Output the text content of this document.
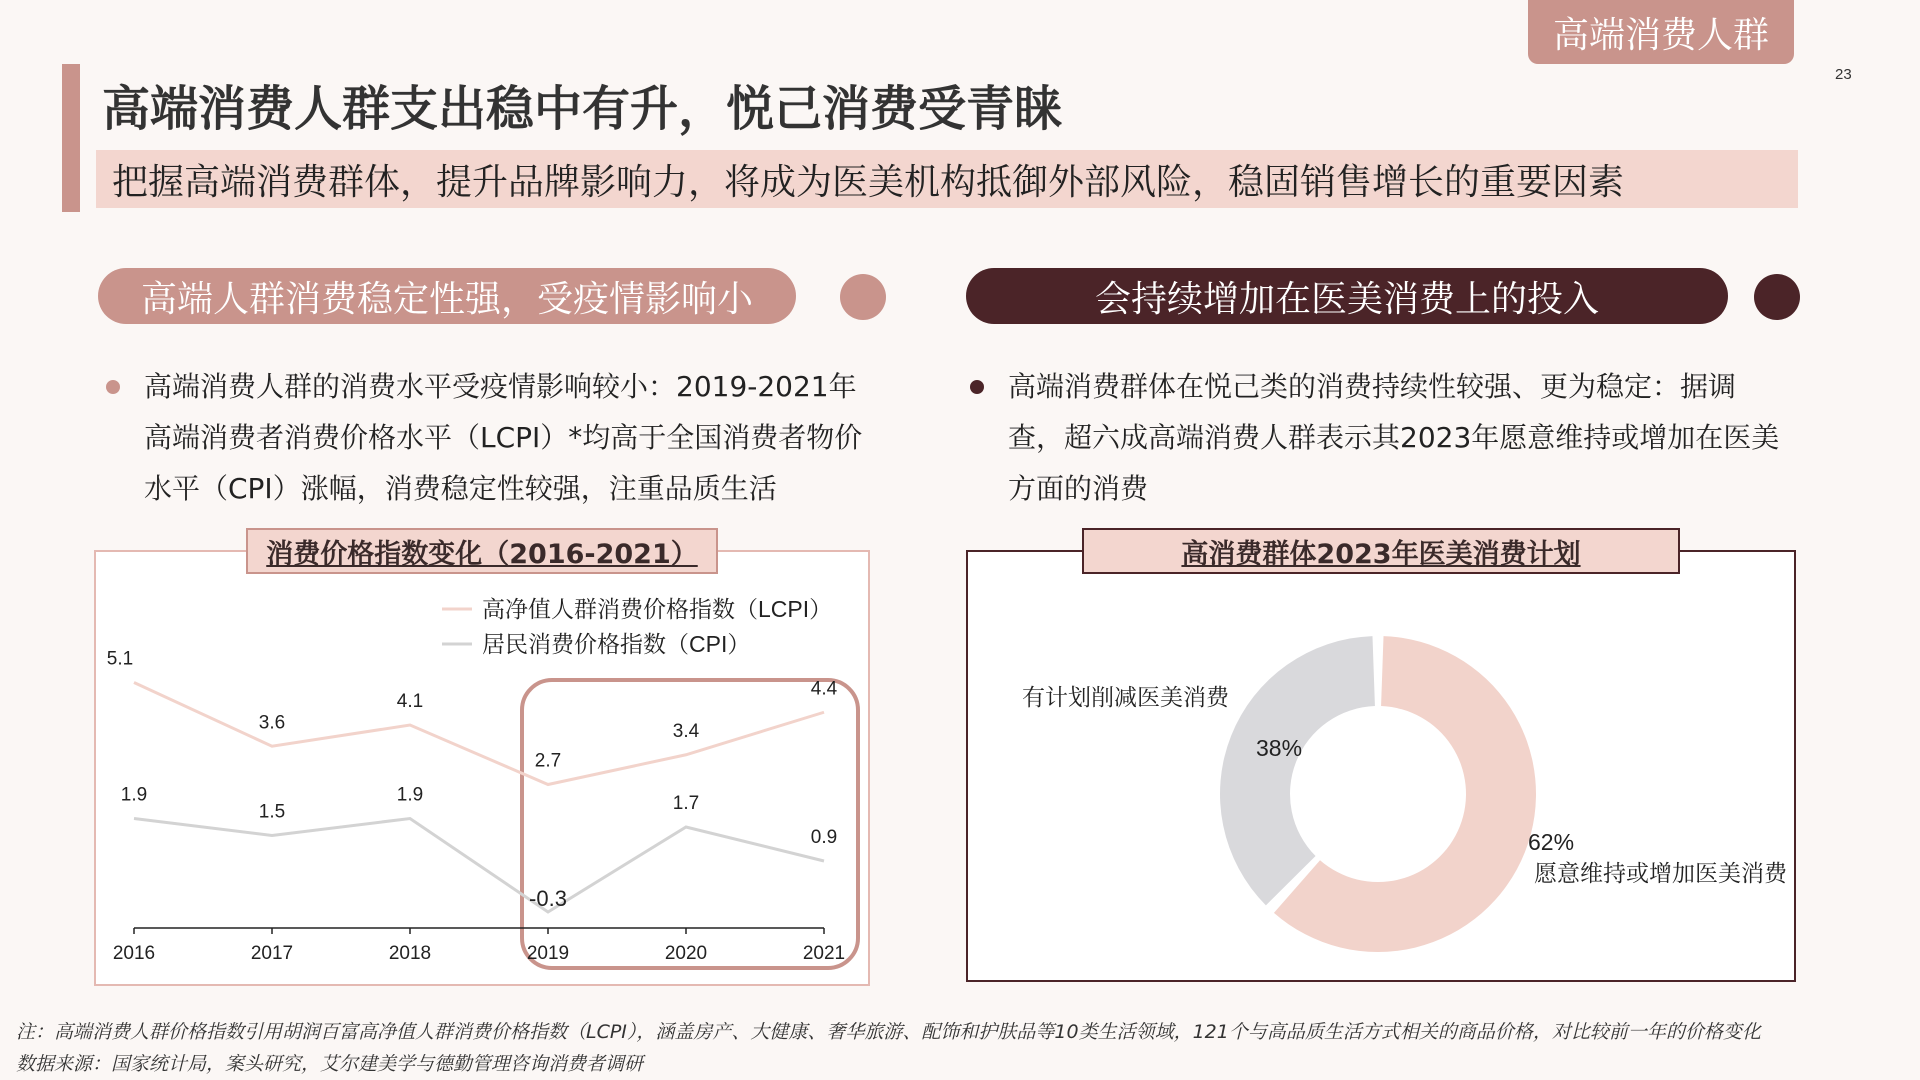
高端消费人群
23
高端消费人群支出稳中有升，悦己消费受青睐
把握高端消费群体，提升品牌影响力，将成为医美机构抵御外部风险，稳固销售增长的重要因素
高端人群消费稳定性强，受疫情影响小	会持续增加在医美消费上的投入
高端消费人群的消费水平受疫情影响较小：2019-2021年高端消费者消费价格水平（LCPI）*均高于全国消费者物价水平（CPI）涨幅，消费稳定性较强，注重品质生活
高端消费群体在悦己类的消费持续性较强、更为稳定：据调查，超六成高端消费人群表示其2023年愿意维持或增加在医美方面的消费
2016	2017	2018	2019	2020	2021
5.1
3.6
4.1
2.7
3.4
4.4
1.9
1.5
1.9
-0.3
1.7
0.9
高净值人群消费价格指数（LCPI）
居民消费价格指数（CPI）
消费价格指数变化（2016-2021）
62%
愿意维持或增加医美消费
38%
有计划削减医美消费
高消费群体2023年医美消费计划
注：高端消费人群价格指数引用胡润百富高净值人群消费价格指数（LCPI），涵盖房产、大健康、奢华旅游、配饰和护肤品等10类生活领域，121个与高品质生活方式相关的商品价格，对比较前一年的价格变化
数据来源：国家统计局，案头研究，艾尔建美学与德勤管理咨询消费者调研
